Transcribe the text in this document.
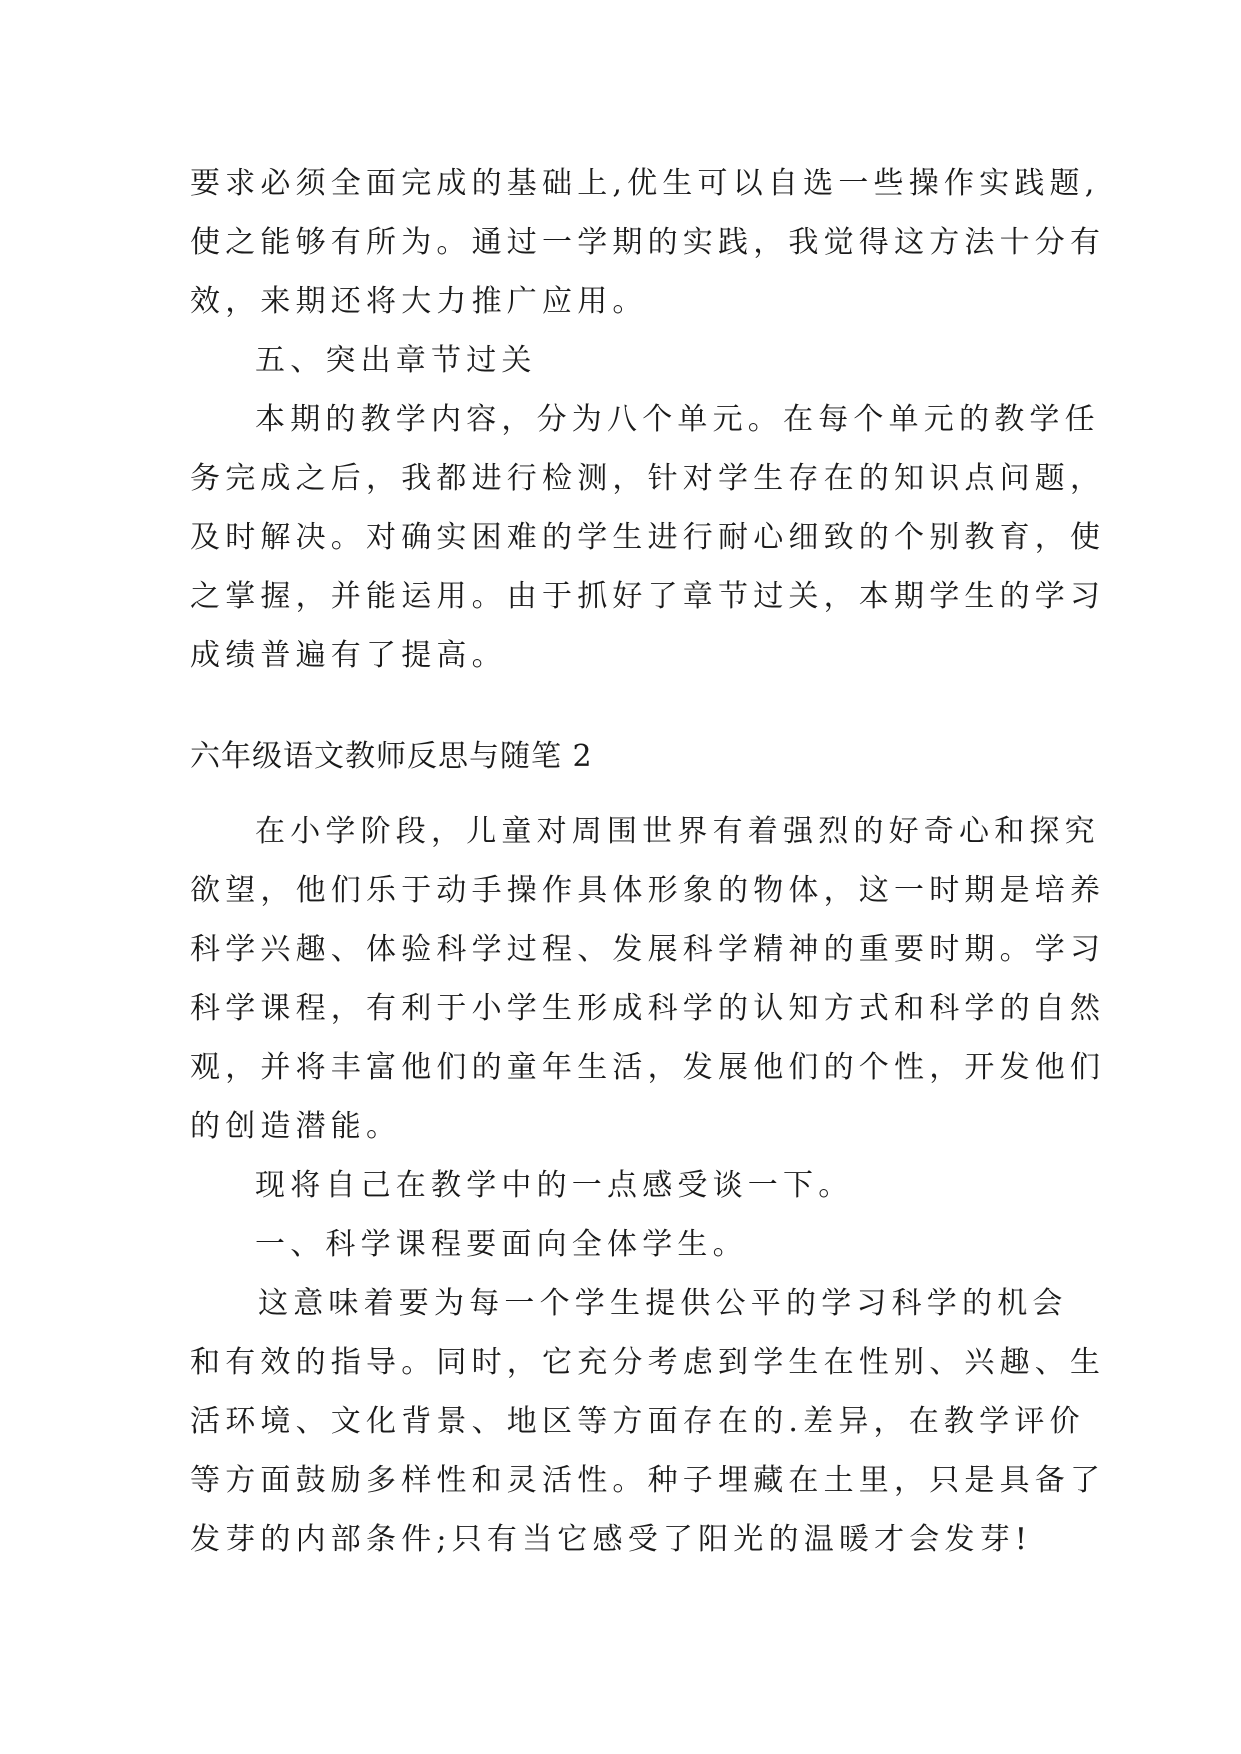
要求必须全面完成的基础上,优生可以自选一些操作实践题,
使之能够有所为。通过一学期的实践，我觉得这方法十分有
效，来期还将大力推广应用。
五、突出章节过关
本期的教学内容，分为八个单元。在每个单元的教学任
务完成之后，我都进行检测，针对学生存在的知识点问题，
及时解决。对确实困难的学生进行耐心细致的个别教育，使
之掌握，并能运用。由于抓好了章节过关，本期学生的学习
成绩普遍有了提高。
六年级语文教师反思与随笔 2
在小学阶段，儿童对周围世界有着强烈的好奇心和探究
欲望，他们乐于动手操作具体形象的物体，这一时期是培养
科学兴趣、体验科学过程、发展科学精神的重要时期。学习
科学课程，有利于小学生形成科学的认知方式和科学的自然
观，并将丰富他们的童年生活，发展他们的个性，开发他们
的创造潜能。
现将自己在教学中的一点感受谈一下。
一、科学课程要面向全体学生。
这意味着要为每一个学生提供公平的学习科学的机会
和有效的指导。同时，它充分考虑到学生在性别、兴趣、生
活环境、文化背景、地区等方面存在的.差异，在教学评价
等方面鼓励多样性和灵活性。种子埋藏在土里，只是具备了
发芽的内部条件;只有当它感受了阳光的温暖才会发芽!
